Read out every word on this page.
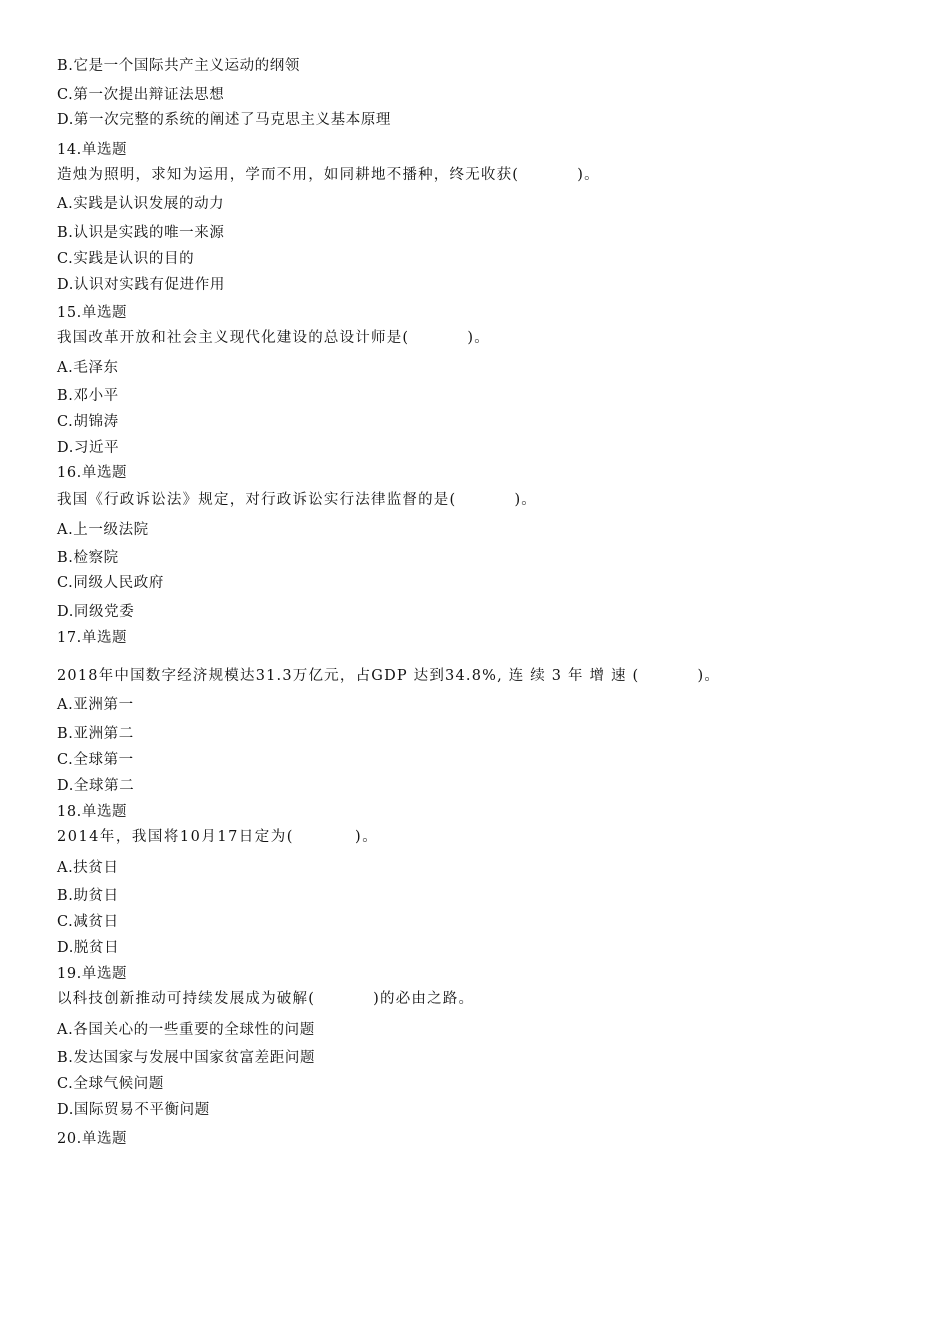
B.它是一个国际共产主义运动的纲领
C.第一次提出辩证法思想
D.第一次完整的系统的阐述了马克思主义基本原理
14.单选题
造烛为照明，求知为运用，学而不用，如同耕地不播种，终无收获(          )。
A.实践是认识发展的动力
B.认识是实践的唯一来源
C.实践是认识的目的
D.认识对实践有促进作用
15.单选题
我国改革开放和社会主义现代化建设的总设计师是(          )。
A.毛泽东
B.邓小平
C.胡锦涛
D.习近平
16.单选题
我国《行政诉讼法》规定，对行政诉讼实行法律监督的是(          )。
A.上一级法院
B.检察院
C.同级人民政府
D.同级党委
17.单选题
2018年中国数字经济规模达31.3万亿元，占GDP 达到34.8%, 连 续 3 年 增 速 (          )。
A.亚洲第一
B.亚洲第二
C.全球第一
D.全球第二
18.单选题
2014年，我国将10月17日定为(          )。
A.扶贫日
B.助贫日
C.减贫日
D.脱贫日
19.单选题
以科技创新推动可持续发展成为破解(          )的必由之路。
A.各国关心的一些重要的全球性的问题
B.发达国家与发展中国家贫富差距问题
C.全球气候问题
D.国际贸易不平衡问题
20.单选题
